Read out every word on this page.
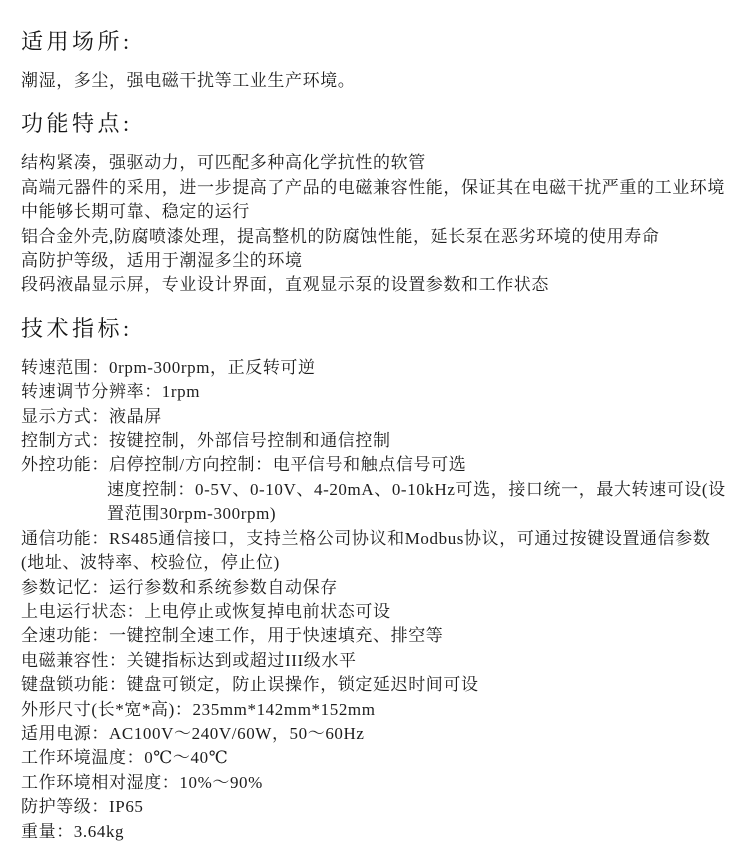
适用场所:

潮湿，多尘，强电磁干扰等工业生产环境。

功能特点:

结构紧凑，强驱动力，可匹配多种高化学抗性的软管

高端元器件的采用，进一步提高了产品的电磁兼容性能，保证其在电磁干扰严重的工业环境中能够长期可靠、稳定的运行

铝合金外壳,防腐喷漆处理，提高整机的防腐蚀性能，延长泵在恶劣环境的使用寿命

高防护等级，适用于潮湿多尘的环境

段码液晶显示屏，专业设计界面，直观显示泵的设置参数和工作状态

技术指标:

转速范围：0rpm-300rpm，正反转可逆

转速调节分辨率：1rpm

显示方式：液晶屏

控制方式：按键控制，外部信号控制和通信控制

外控功能：启停控制/方向控制：电平信号和触点信号可选

速度控制：0-5V、0-10V、4-20mA、0-10kHz可选，接口统一，最大转速可设(设置范围30rpm-300rpm)

通信功能：RS485通信接口，支持兰格公司协议和Modbus协议，可通过按键设置通信参数(地址、波特率、校验位，停止位)

参数记忆：运行参数和系统参数自动保存

上电运行状态：上电停止或恢复掉电前状态可设

全速功能：一键控制全速工作，用于快速填充、排空等

电磁兼容性：关键指标达到或超过III级水平

键盘锁功能：键盘可锁定，防止误操作，锁定延迟时间可设

外形尺寸(长*宽*高)：235mm*142mm*152mm

适用电源：AC100V～240V/60W，50～60Hz

工作环境温度：0℃～40℃

工作环境相对湿度：10%～90%

防护等级：IP65

重量：3.64kg
